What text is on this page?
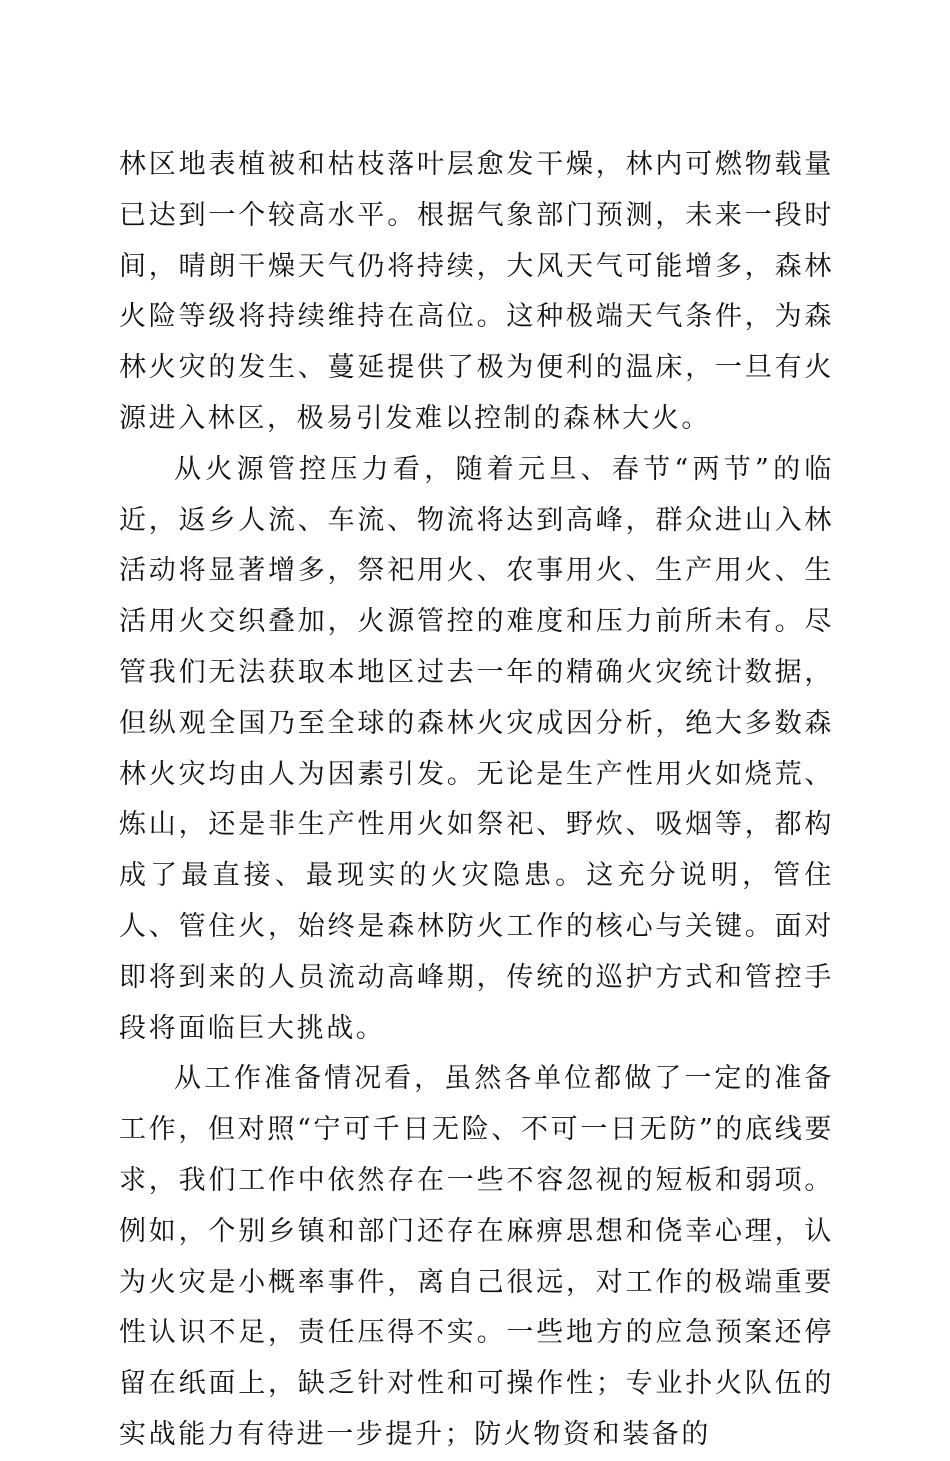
林区地表植被和枯枝落叶层愈发干燥，林内可燃物载量已达到一个较高水平。根据气象部门预测，未来一段时间，晴朗干燥天气仍将持续，大风天气可能增多，森林火险等级将持续维持在高位。这种极端天气条件，为森林火灾的发生、蔓延提供了极为便利的温床，一旦有火源进入林区，极易引发难以控制的森林大火。

从火源管控压力看，随着元旦、春节“两节”的临近，返乡人流、车流、物流将达到高峰，群众进山入林活动将显著增多，祭祀用火、农事用火、生产用火、生活用火交织叠加，火源管控的难度和压力前所未有。尽管我们无法获取本地区过去一年的精确火灾统计数据，但纵观全国乃至全球的森林火灾成因分析，绝大多数森林火灾均由人为因素引发。无论是生产性用火如烧荒、炼山，还是非生产性用火如祭祀、野炊、吸烟等，都构成了最直接、最现实的火灾隐患。这充分说明，管住人、管住火，始终是森林防火工作的核心与关键。面对即将到来的人员流动高峰期，传统的巡护方式和管控手段将面临巨大挑战。

从工作准备情况看，虽然各单位都做了一定的准备工作，但对照“宁可千日无险、不可一日无防”的底线要求，我们工作中依然存在一些不容忽视的短板和弱项。例如，个别乡镇和部门还存在麻痹思想和侥幸心理，认为火灾是小概率事件，离自己很远，对工作的极端重要性认识不足，责任压得不实。一些地方的应急预案还停留在纸面上，缺乏针对性和可操作性；专业扑火队伍的实战能力有待进一步提升；防火物资和装备的
